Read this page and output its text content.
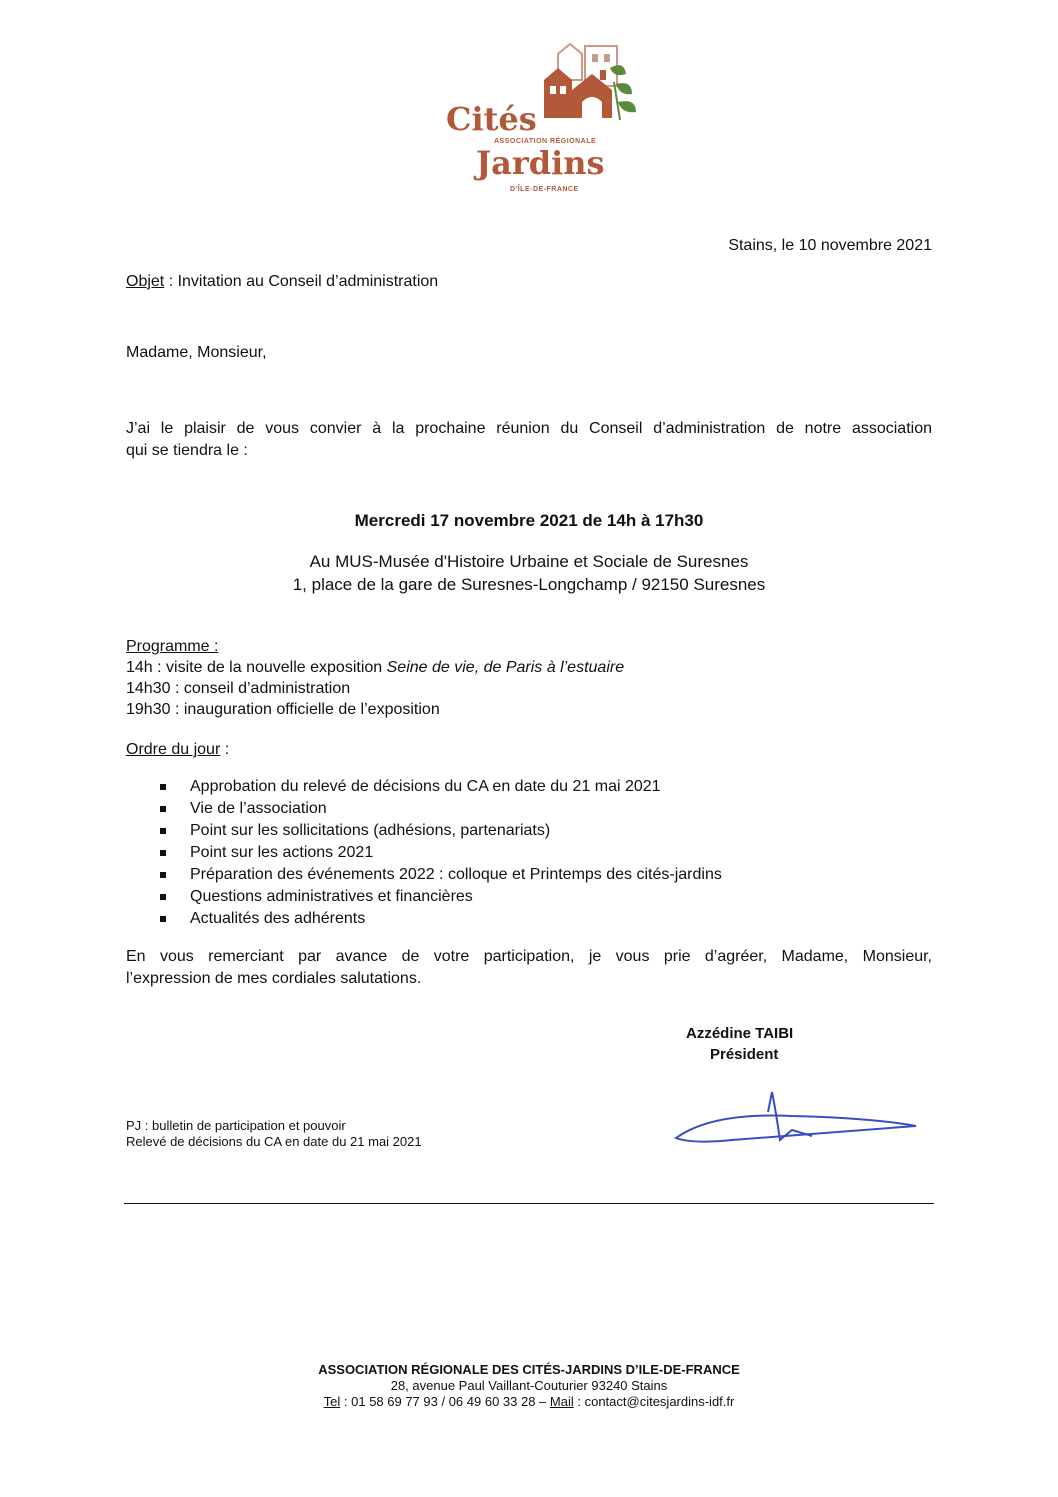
Cités
ASSOCIATION RÉGIONALE
Jardins
D'ÎLE-DE-FRANCE
Stains, le 10 novembre 2021
Objet : Invitation au Conseil d’administration
Madame, Monsieur,
J’ai le plaisir de vous convier à la prochaine réunion du Conseil d’administration de notre association
qui se tiendra le :
Mercredi 17 novembre 2021 de 14h à 17h30
Au MUS-Musée d'Histoire Urbaine et Sociale de Suresnes
1, place de la gare de Suresnes-Longchamp / 92150 Suresnes
Programme :
14h : visite de la nouvelle exposition Seine de vie, de Paris à l’estuaire
14h30 : conseil d’administration
19h30 : inauguration officielle de l’exposition
Ordre du jour :
Approbation du relevé de décisions du CA en date du 21 mai 2021
Vie de l’association
Point sur les sollicitations (adhésions, partenariats)
Point sur les actions 2021
Préparation des événements 2022 : colloque et Printemps des cités-jardins
Questions administratives et financières
Actualités des adhérents
En vous remerciant par avance de votre participation, je vous prie d’agréer, Madame, Monsieur,
l’expression de mes cordiales salutations.
Azzédine TAIBI
Président
PJ : bulletin de participation et pouvoir
Relevé de décisions du CA en date du 21 mai 2021
ASSOCIATION RÉGIONALE DES CITÉS-JARDINS D’ILE-DE-FRANCE
28, avenue Paul Vaillant-Couturier 93240 Stains
Tel : 01 58 69 77 93 / 06 49 60 33 28 – Mail : contact@citesjardins-idf.fr
